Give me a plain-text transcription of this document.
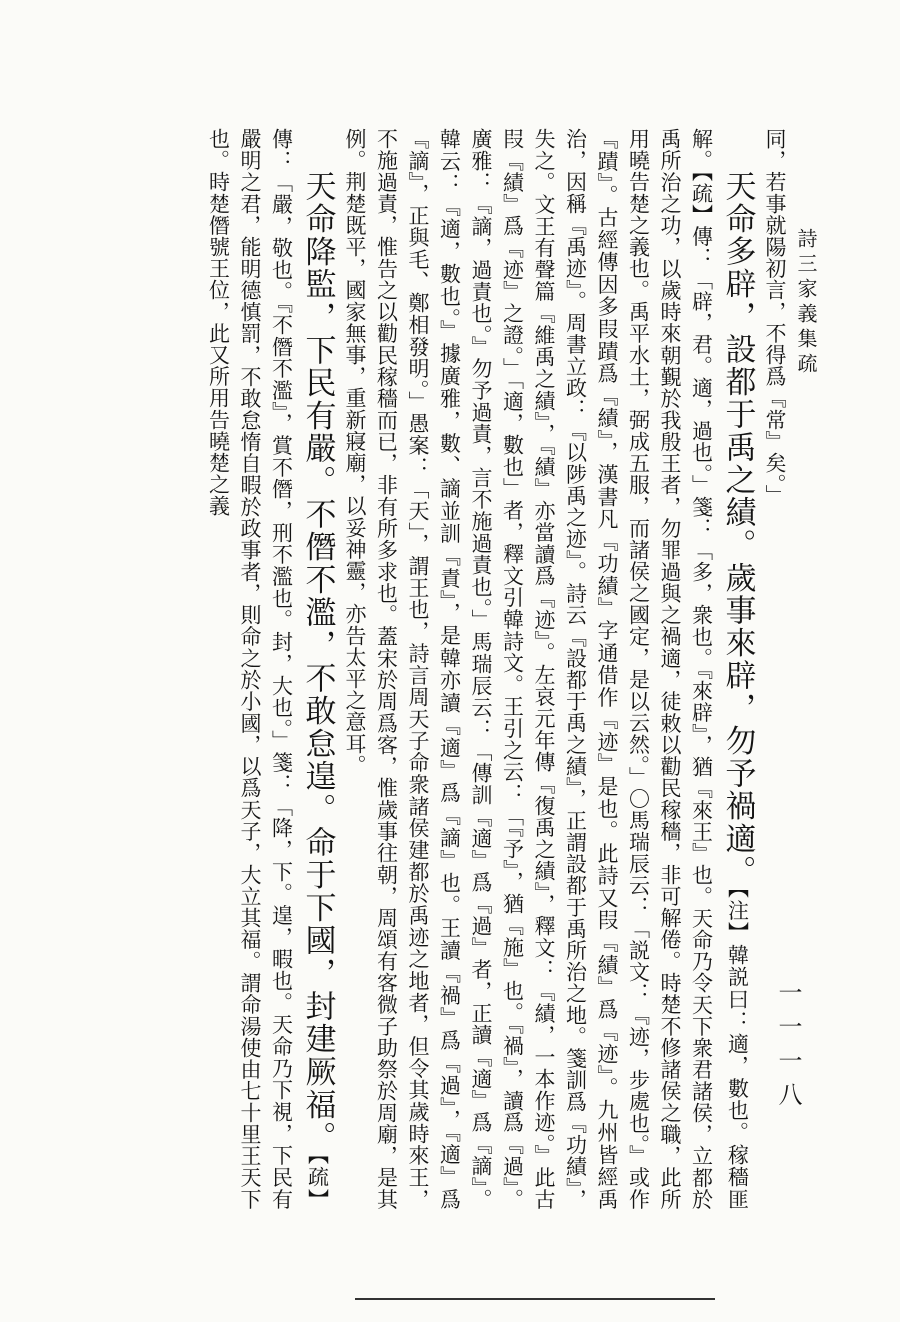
詩三家義集疏
一一一八
同，若事就陽初言，不得爲『常』矣。」
天命多辟，設都于禹之績。歲事來辟，勿予禍適。【注】韓説曰：適，數也。稼穡匪解。【疏】傳：「辟，君。適，過也。」箋：「多，衆也。『來辟』，猶『來王』也。天命乃令天下衆君諸侯，立都於禹所治之功，以歲時來朝覲於我殷王者，勿罪過與之禍適，徒敕以勸民稼穡，非可解倦。時楚不修諸侯之職，此所用曉告楚之義也。禹平水土，弼成五服，而諸侯之國定，是以云然。」〇馬瑞辰云：「説文：『迹，步處也。』或作『蹟』。古經傳因多叚蹟爲『績』，漢書凡『功績』字通借作『迹』是也。此詩又叚『績』爲『迹』。九州皆經禹治，因稱『禹迹』。周書立政：『以陟禹之迹』。詩云『設都于禹之績』，正謂設都于禹所治之地。箋訓爲『功績』，失之。文王有聲篇『維禹之績』，『績』亦當讀爲『迹』。左哀元年傳『復禹之績』，釋文：『績，一本作迹。』此古叚『績』爲『迹』之證。」「適，數也」者，釋文引韓詩文。王引之云：「『予』，猶『施』也。『禍』，讀爲『過』。廣雅：『謫，過責也。』勿予過責，言不施過責也。」馬瑞辰云：「傳訓『適』爲『過』者，正讀『適』爲『謫』。韓云：『適，數也。』據廣雅，數、謫並訓『責』，是韓亦讀『適』爲『謫』也。王讀『禍』爲『過』，『適』爲『謫』，正與毛、鄭相發明。」愚案：「天」，謂王也，詩言周天子命衆諸侯建都於禹迹之地者，但令其歲時來王，不施過責，惟告之以勸民稼穡而已，非有所多求也。蓋宋於周爲客，惟歲事往朝，周頌有客微子助祭於周廟，是其例。荆楚既平，國家無事，重新寢廟，以妥神靈，亦告太平之意耳。
天命降監，下民有嚴。不僭不濫，不敢怠遑。命于下國，封建厥福。【疏】傳：「嚴，敬也。『不僭不濫』，賞不僭，刑不濫也。封，大也。」箋：「降，下。遑，暇也。天命乃下視，下民有嚴明之君，能明德慎罰，不敢怠惰自暇於政事者，則命之於小國，以爲天子，大立其福。謂命湯使由七十里王天下也。時楚僭號王位，此又所用告曉楚之義
